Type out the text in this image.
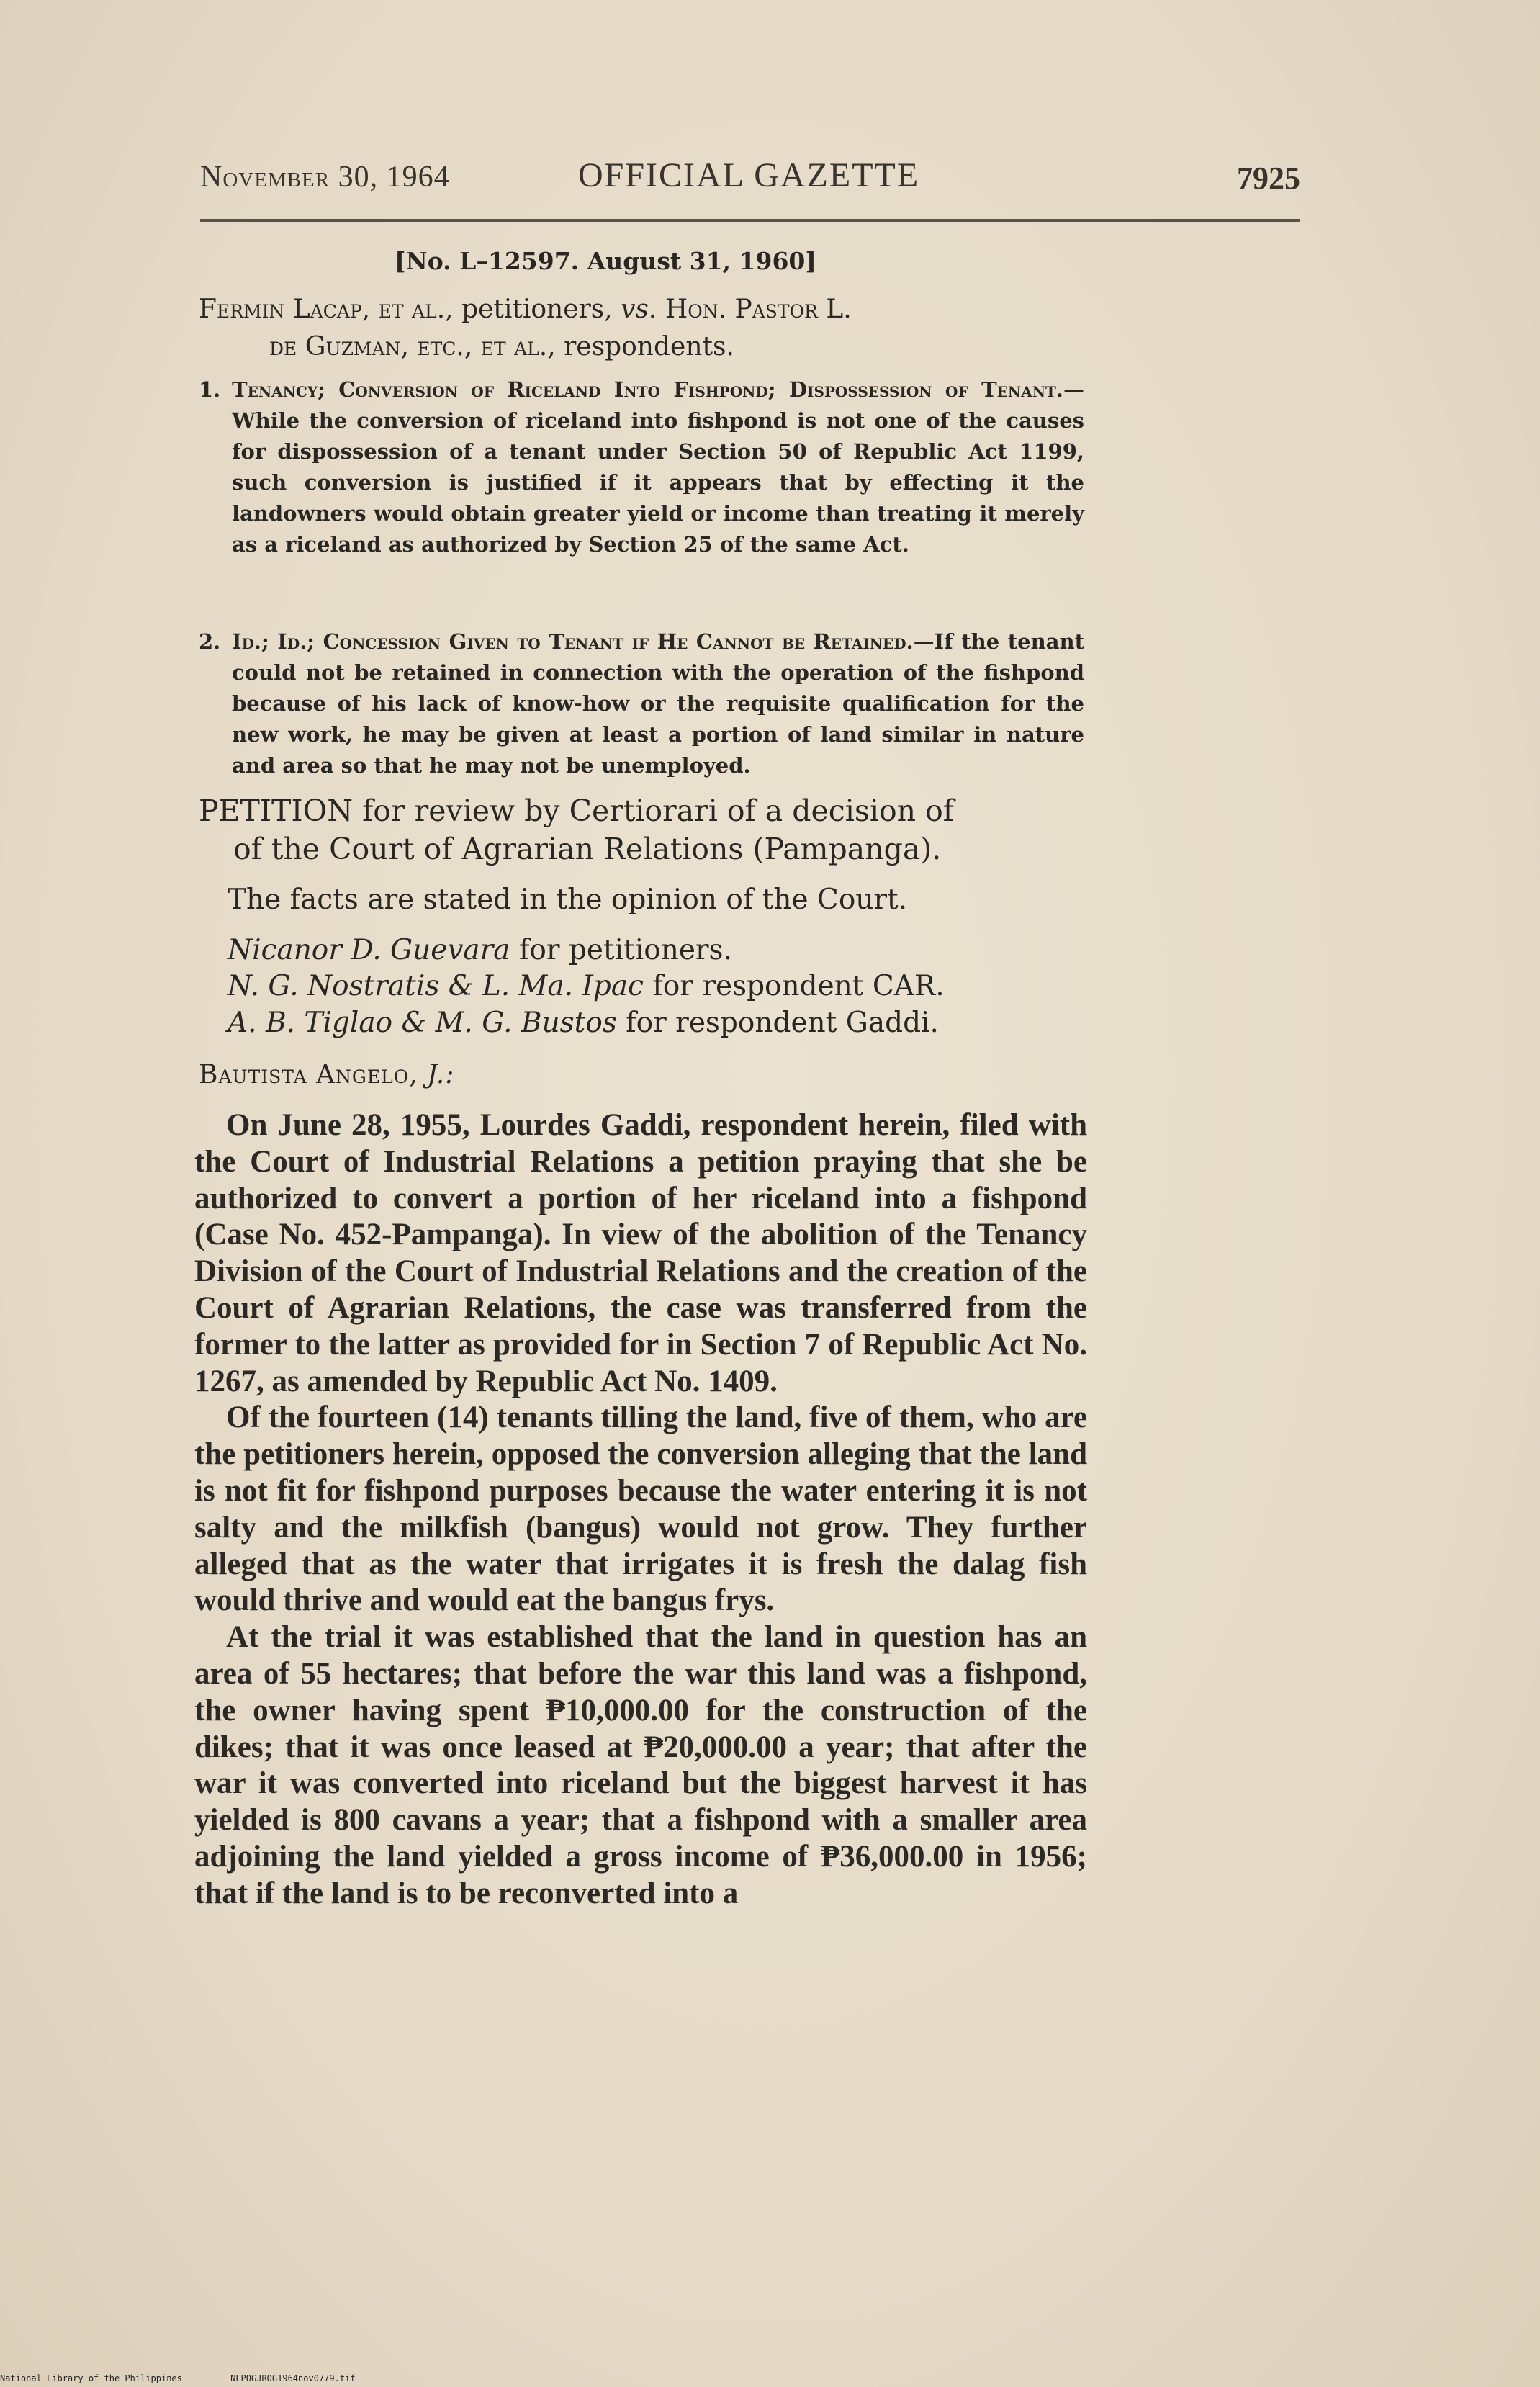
November 30, 1964	OFFICIAL GAZETTE	7925
[No. L–12597. August 31, 1960]
Fermin Lacap, et al., petitioners, vs. Hon. Pastor L.
de Guzman, etc., et al., respondents.
1. Tenancy; Conversion of Riceland Into Fishpond; Dispossession of Tenant.—While the conversion of riceland into fishpond is not one of the causes for dispossession of a tenant under Section 50 of Republic Act 1199, such conversion is justified if it appears that by effecting it the landowners would obtain greater yield or income than treating it merely as a riceland as authorized by Section 25 of the same Act.
2. Id.; Id.; Concession Given to Tenant if He Cannot be Retained.—If the tenant could not be retained in connection with the operation of the fishpond because of his lack of know-how or the requisite qualification for the new work, he may be given at least a portion of land similar in nature and area so that he may not be unemployed.
PETITION for review by Certiorari of a decision of
of the Court of Agrarian Relations (Pampanga).
The facts are stated in the opinion of the Court.
Nicanor D. Guevara for petitioners.
N. G. Nostratis & L. Ma. Ipac for respondent CAR.
A. B. Tiglao & M. G. Bustos for respondent Gaddi.
Bautista Angelo, J.:

On June 28, 1955, Lourdes Gaddi, respondent herein, filed with the Court of Industrial Relations a petition praying that she be authorized to convert a portion of her riceland into a fishpond (Case No. 452-Pampanga). In view of the abolition of the Tenancy Division of the Court of Industrial Relations and the creation of the Court of Agrarian Relations, the case was transferred from the former to the latter as provided for in Section 7 of Republic Act No. 1267, as amended by Republic Act No. 1409.

Of the fourteen (14) tenants tilling the land, five of them, who are the petitioners herein, opposed the conversion alleging that the land is not fit for fishpond purposes because the water entering it is not salty and the milkfish (bangus) would not grow. They further alleged that as the water that irrigates it is fresh the dalag fish would thrive and would eat the bangus frys.

At the trial it was established that the land in question has an area of 55 hectares; that before the war this land was a fishpond, the owner having spent ₱10,000.00 for the construction of the dikes; that it was once leased at ₱20,000.00 a year; that after the war it was converted into riceland but the biggest harvest it has yielded is 800 cavans a year; that a fishpond with a smaller area adjoining the land yielded a gross income of ₱36,000.00 in 1956; that if the land is to be reconverted into a

National Library of the Philippines	NLPOGJROG1964nov0779.tif
